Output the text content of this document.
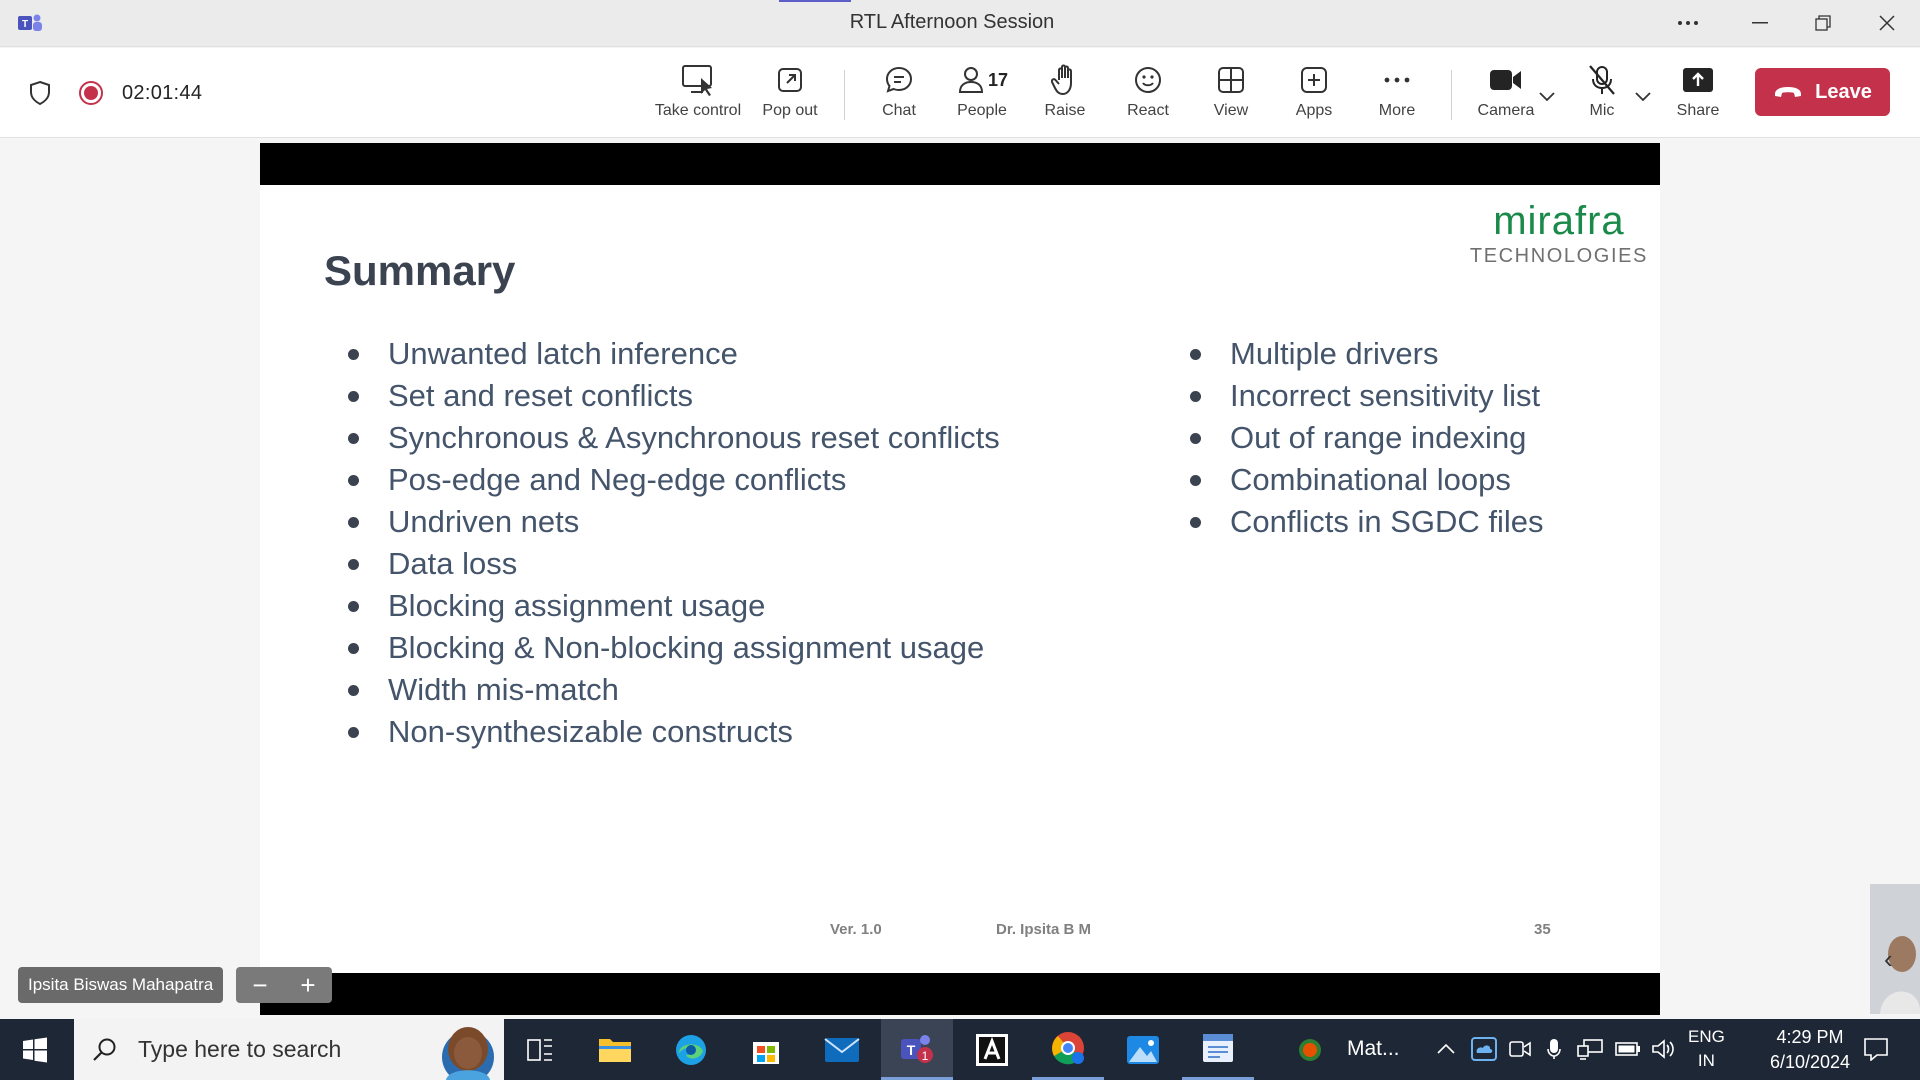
T	RTL Afternoon Session
02:01:44
Take control Pop out	Chat
17
People Raise	React	View	Apps	More	Camera	Mic	Share
Leave
mirafra
TECHNOLOGIES
Summary
Unwanted latch inference
Set and reset conflicts
Synchronous & Asynchronous reset conflicts
Pos-edge and Neg-edge conflicts
Undriven nets
Data loss
Blocking assignment usage
Blocking & Non-blocking assignment usage
Width mis-match
Non-synthesizable constructs
Multiple drivers
Incorrect sensitivity list
Out of range indexing
Combinational loops
Conflicts in SGDC files
Ver. 1.0	Dr. Ipsita B M	35
Ipsita Biswas Mahapatra	−	+
‹
Type here to search	T 1	Mat...
ENG
IN
4:29 PM
6/10/2024
